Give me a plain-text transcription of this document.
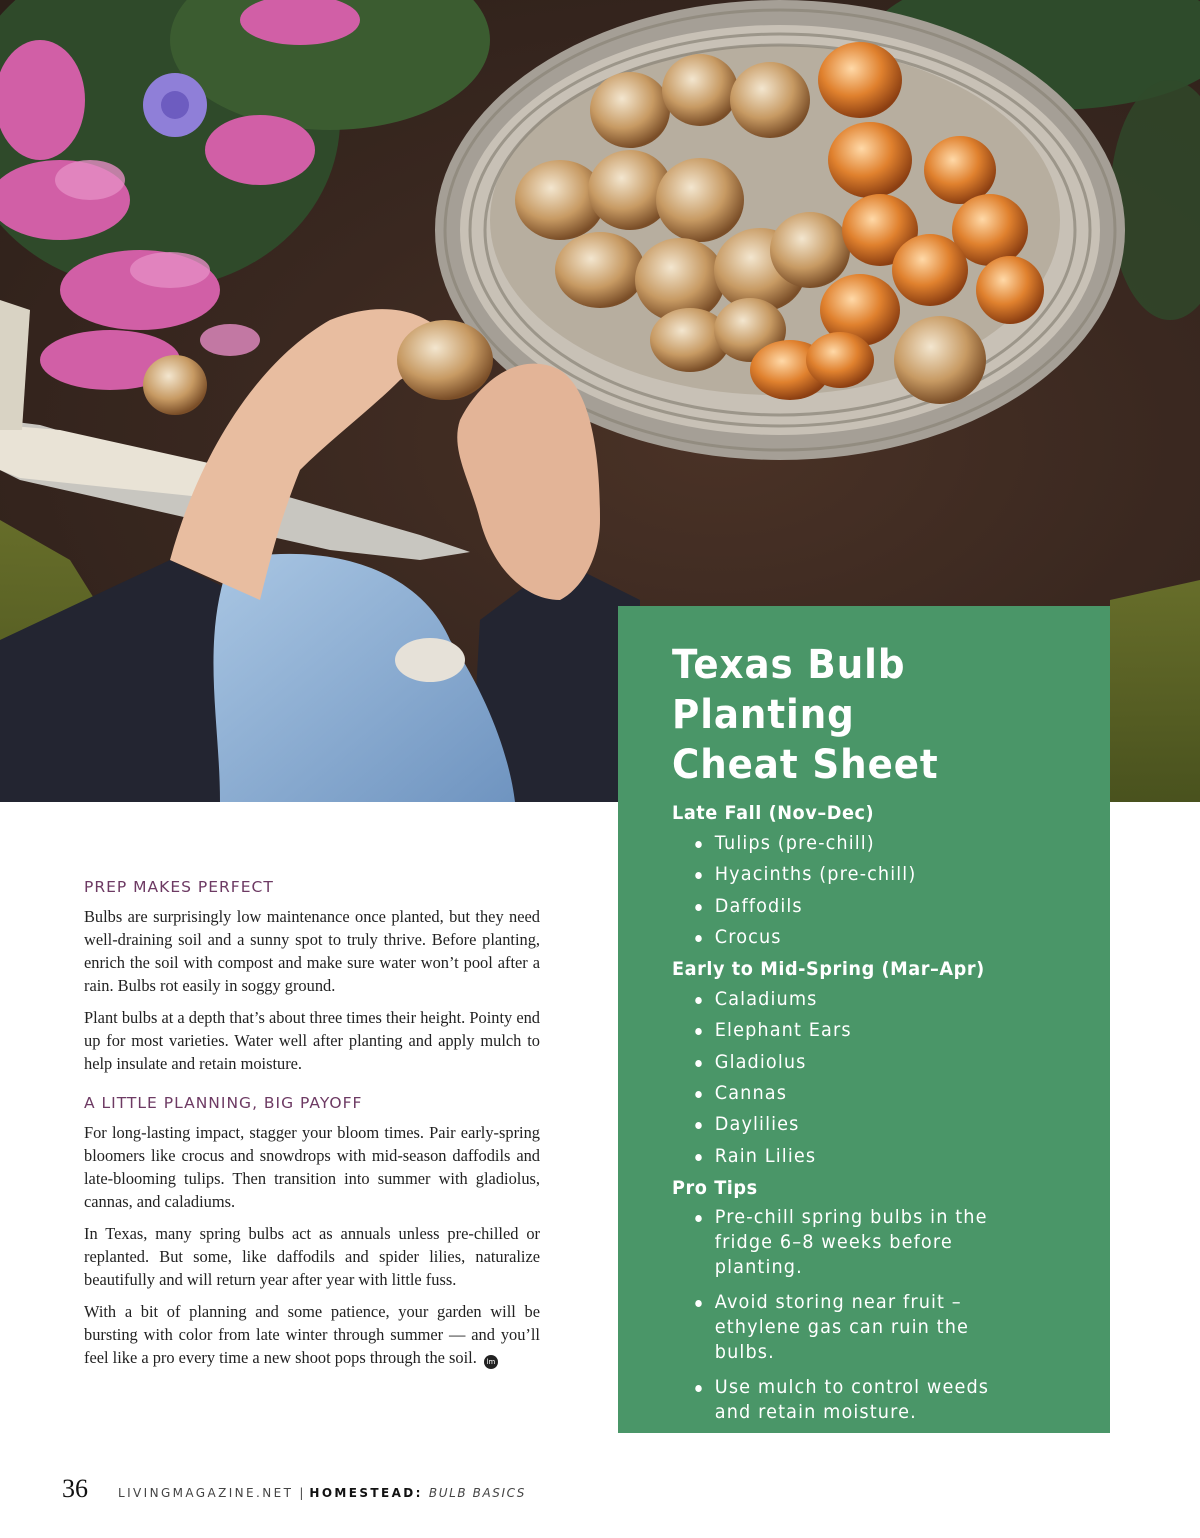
Texas Bulb Planting
Cheat Sheet
Late Fall (Nov–Dec)
Tulips (pre-chill)
Hyacinths (pre-chill)
Daffodils
Crocus
Early to Mid-Spring (Mar–Apr)
Caladiums
Elephant Ears
Gladiolus
Cannas
Daylilies
Rain Lilies
Pro Tips
Pre-chill spring bulbs in the fridge 6–8 weeks before planting.
Avoid storing near fruit – ethylene gas can ruin the bulbs.
Use mulch to control weeds and retain moisture.
Replant annual bulbs each year for best blooms.
PREP MAKES PERFECT

Bulbs are surprisingly low maintenance once planted, but they need well-draining soil and a sunny spot to truly thrive. Before planting, enrich the soil with compost and make sure water won’t pool after a rain. Bulbs rot easily in soggy ground.

Plant bulbs at a depth that’s about three times their height. Pointy end up for most varieties. Water well after planting and apply mulch to help insulate and retain moisture.

A LITTLE PLANNING, BIG PAYOFF

For long-lasting impact, stagger your bloom times. Pair early-spring bloomers like crocus and snowdrops with mid-season daffodils and late-blooming tulips. Then transition into summer with gladiolus, cannas, and caladiums.

In Texas, many spring bulbs act as annuals unless pre-chilled or replanted. But some, like daffodils and spider lilies, naturalize beautifully and will return year after year with little fuss.

With a bit of planning and some patience, your garden will be bursting with color from late winter through summer — and you’ll feel like a pro every time a new shoot pops through the soil. lm

36	LIVINGMAGAZINE.NET | HOMESTEAD: BULB BASICS
